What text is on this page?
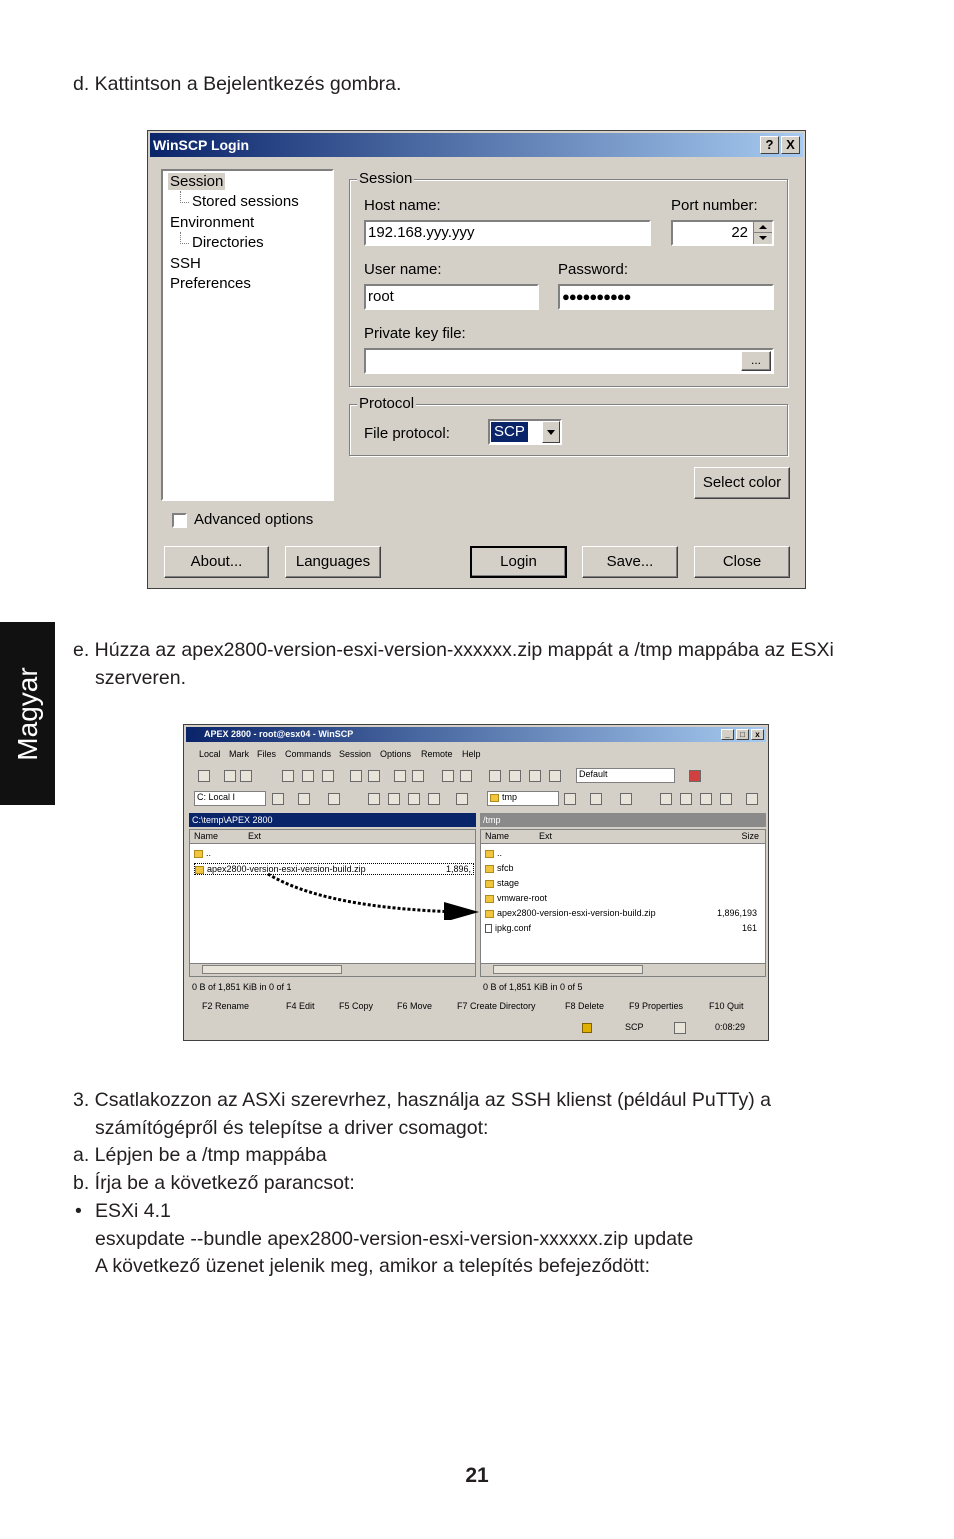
d. Kattintson a Bejelentkezés gombra.
WinSCP Login	? X
Session
Stored sessions
Environment
Directories
SSH
Preferences
Session
Host name:
192.168.yyy.yyy
Port number:
22
User name:
root
Password:
●●●●●●●●●●
Private key file:
...
Protocol
File protocol:	SCP
Select color
Advanced options
About...	Languages	Login	Save...	Close
Magyar
e. Húzza az apex2800-version-esxi-version-xxxxxx.zip mappát a /tmp mappába az ESXi
szerveren.
APEX 2800 - root@esx04 - WinSCP	_	□	x
Local Mark Files Commands Session Options Remote Help
Default
C: Local I	tmp
C:\temp\APEX 2800	/tmp
Name	Ext
..
apex2800-version-esxi-version-build.zip	1,896,
Name	Ext	Size
..
sfcb
stage
vmware-root
apex2800-version-esxi-version-build.zip	1,896,193
ipkg.conf	161
0 B of 1,851 KiB in 0 of 1	0 B of 1,851 KiB in 0 of 5
F2 Rename	F4 Edit	F5 Copy	F6 Move	F7 Create Directory	F8 Delete	F9 Properties	F10 Quit
SCP	0:08:29
3. Csatlakozzon az ASXi szerevrhez, használja az SSH klienst (például PuTTy) a
számítógépről és telepítse a driver csomagot:
a. Lépjen be a /tmp mappába
b. Írja be a következő parancsot:
• ESXi 4.1
esxupdate --bundle apex2800-version-esxi-version-xxxxxx.zip update
A következő üzenet jelenik meg, amikor a telepítés befejeződött:
21
